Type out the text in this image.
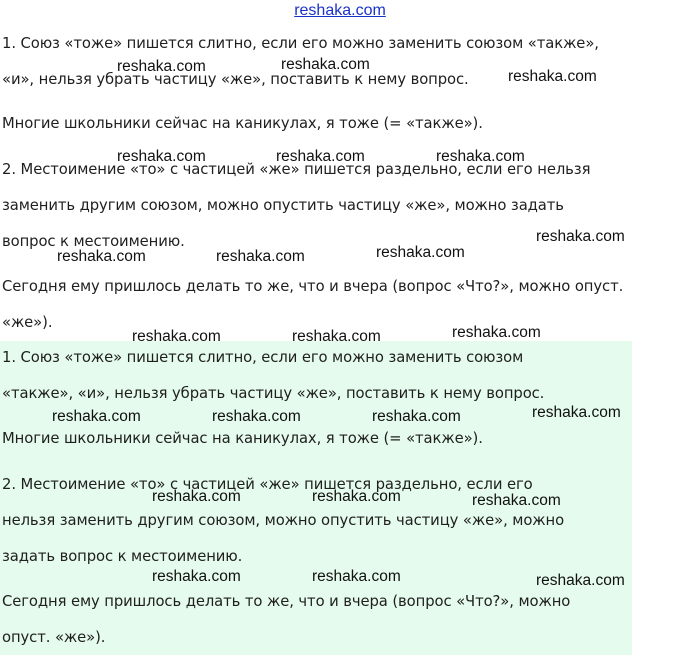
reshaka.com
1. Союз «тоже» пишется слитно, если его можно заменить союзом «также»,
«и», нельзя убрать частицу «же», поставить к нему вопрос.
Многие школьники сейчас на каникулах, я тоже (= «также»).
2. Местоимение «то» с частицей «же» пишется раздельно, если его нельзя
заменить другим союзом, можно опустить частицу «же», можно задать
вопрос к местоимению.
Сегодня ему пришлось делать то же, что и вчера (вопрос «Что?», можно опуст.
«же»).
1. Союз «тоже» пишется слитно, если его можно заменить союзом
«также», «и», нельзя убрать частицу «же», поставить к нему вопрос.
Многие школьники сейчас на каникулах, я тоже (= «также»).
2. Местоимение «то» с частицей «же» пишется раздельно, если его
нельзя заменить другим союзом, можно опустить частицу «же», можно
задать вопрос к местоимению.
Сегодня ему пришлось делать то же, что и вчера (вопрос «Что?», можно
опуст. «же»).
reshaka.com	reshaka.com
reshaka.com
reshaka.com	reshaka.com	reshaka.com
reshaka.com
reshaka.com	reshaka.com	reshaka.com
reshaka.com	reshaka.com	reshaka.com
reshaka.com	reshaka.com	reshaka.com	reshaka.com
reshaka.com	reshaka.com	reshaka.com
reshaka.com	reshaka.com	reshaka.com
